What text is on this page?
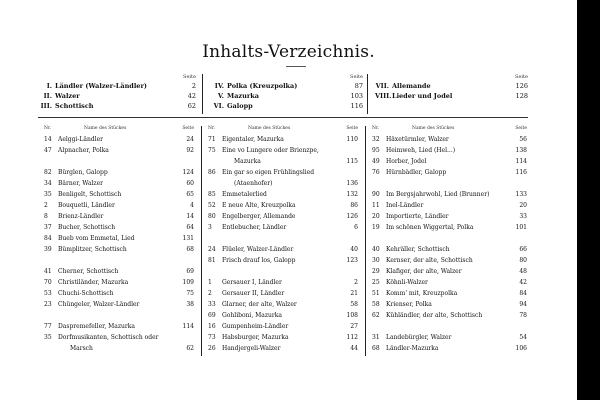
Inhalts-Verzeichnis.
Seite
I. Ländler (Walzer-Ländler)	2
II. Walzer	42
III. Schottisch	62
Seite
IV. Polka (Kreuzpolka)	87
V. Mazurka	103
VI. Galopp	116
Seite
VII. Allemande	126
VIII. Lieder und Jodel	128
Nr.	Name des Stückes	Seite
14	Aelggi-Ländler	24
47	Alpnacher, Polka	92
82	Bürglen, Galopp	124
34	Bärner, Walzer	60
35	Benligelt, Schottisch	65
2	Bouquetli, Ländler	4
8	Brienz-Ländler	14
37	Bucher, Schottisch	64
84	Bueb vom Emmetal, Lied	131
39	Bümplitzer, Schottisch	68
41	Cherner, Schottisch	69
70	Christiländer, Mazurka	109
53	Chuchi-Schottisch	75
23	Chüngeler, Walzer-Ländler	38
77	Daspremefeller, Mazurka	114
35	Dorfmusikanten, Schottisch oder
Marsch	62
Nr.	Name des Stückes	Seite
71	Eigentaler, Mazurka	110
75	Eine vo Lungere oder Brienzpe,
Mazurka	115
86	Ein gar so eigen Frühlingslied
(Ataenhofer)	136
85	Emmetalerlied	132
52	E neue Alte, Kreuzpolka	86
80	Engelberger, Allemande	126
3	Entlebucher, Ländler	6
24	Flüeler, Walzer-Ländler	40
81	Frisch drauf los, Galopp	123
1	Gersauer I, Ländler	2
2	Gersauer II, Ländler	21
33	Glarner, der alte, Walzer	58
69	Gohliboni, Mazurka	108
16	Gumpenheim-Ländler	27
73	Habsburger, Mazurka	112
26	Handjergeli-Walzer	44
Nr.	Name des Stückes	Seite
32	Häxetürmler, Walzer	56
95	Heimweh, Lied (Hel...)	138
49	Horber, Jodel	114
76	Hürnbädler, Galopp	116
90	Im Bergsjahrwohl, Lied (Brunner)	133
11	Inel-Ländler	20
20	Importierte, Ländler	33
19	Im schönen Wiggertal, Polka	101
40	Kehräller, Schottisch	66
30	Kernser, der alte, Schottisch	80
29	Klafiger, der alte, Walzer	48
25	Köhnli-Walzer	42
51	Komm' mit, Kreuzpolka	84
58	Krienser, Polka	94
62	Kühländler, der alte, Schottisch	78
31	Landebürgler, Walzer	54
68	Ländler-Mazurka	106
